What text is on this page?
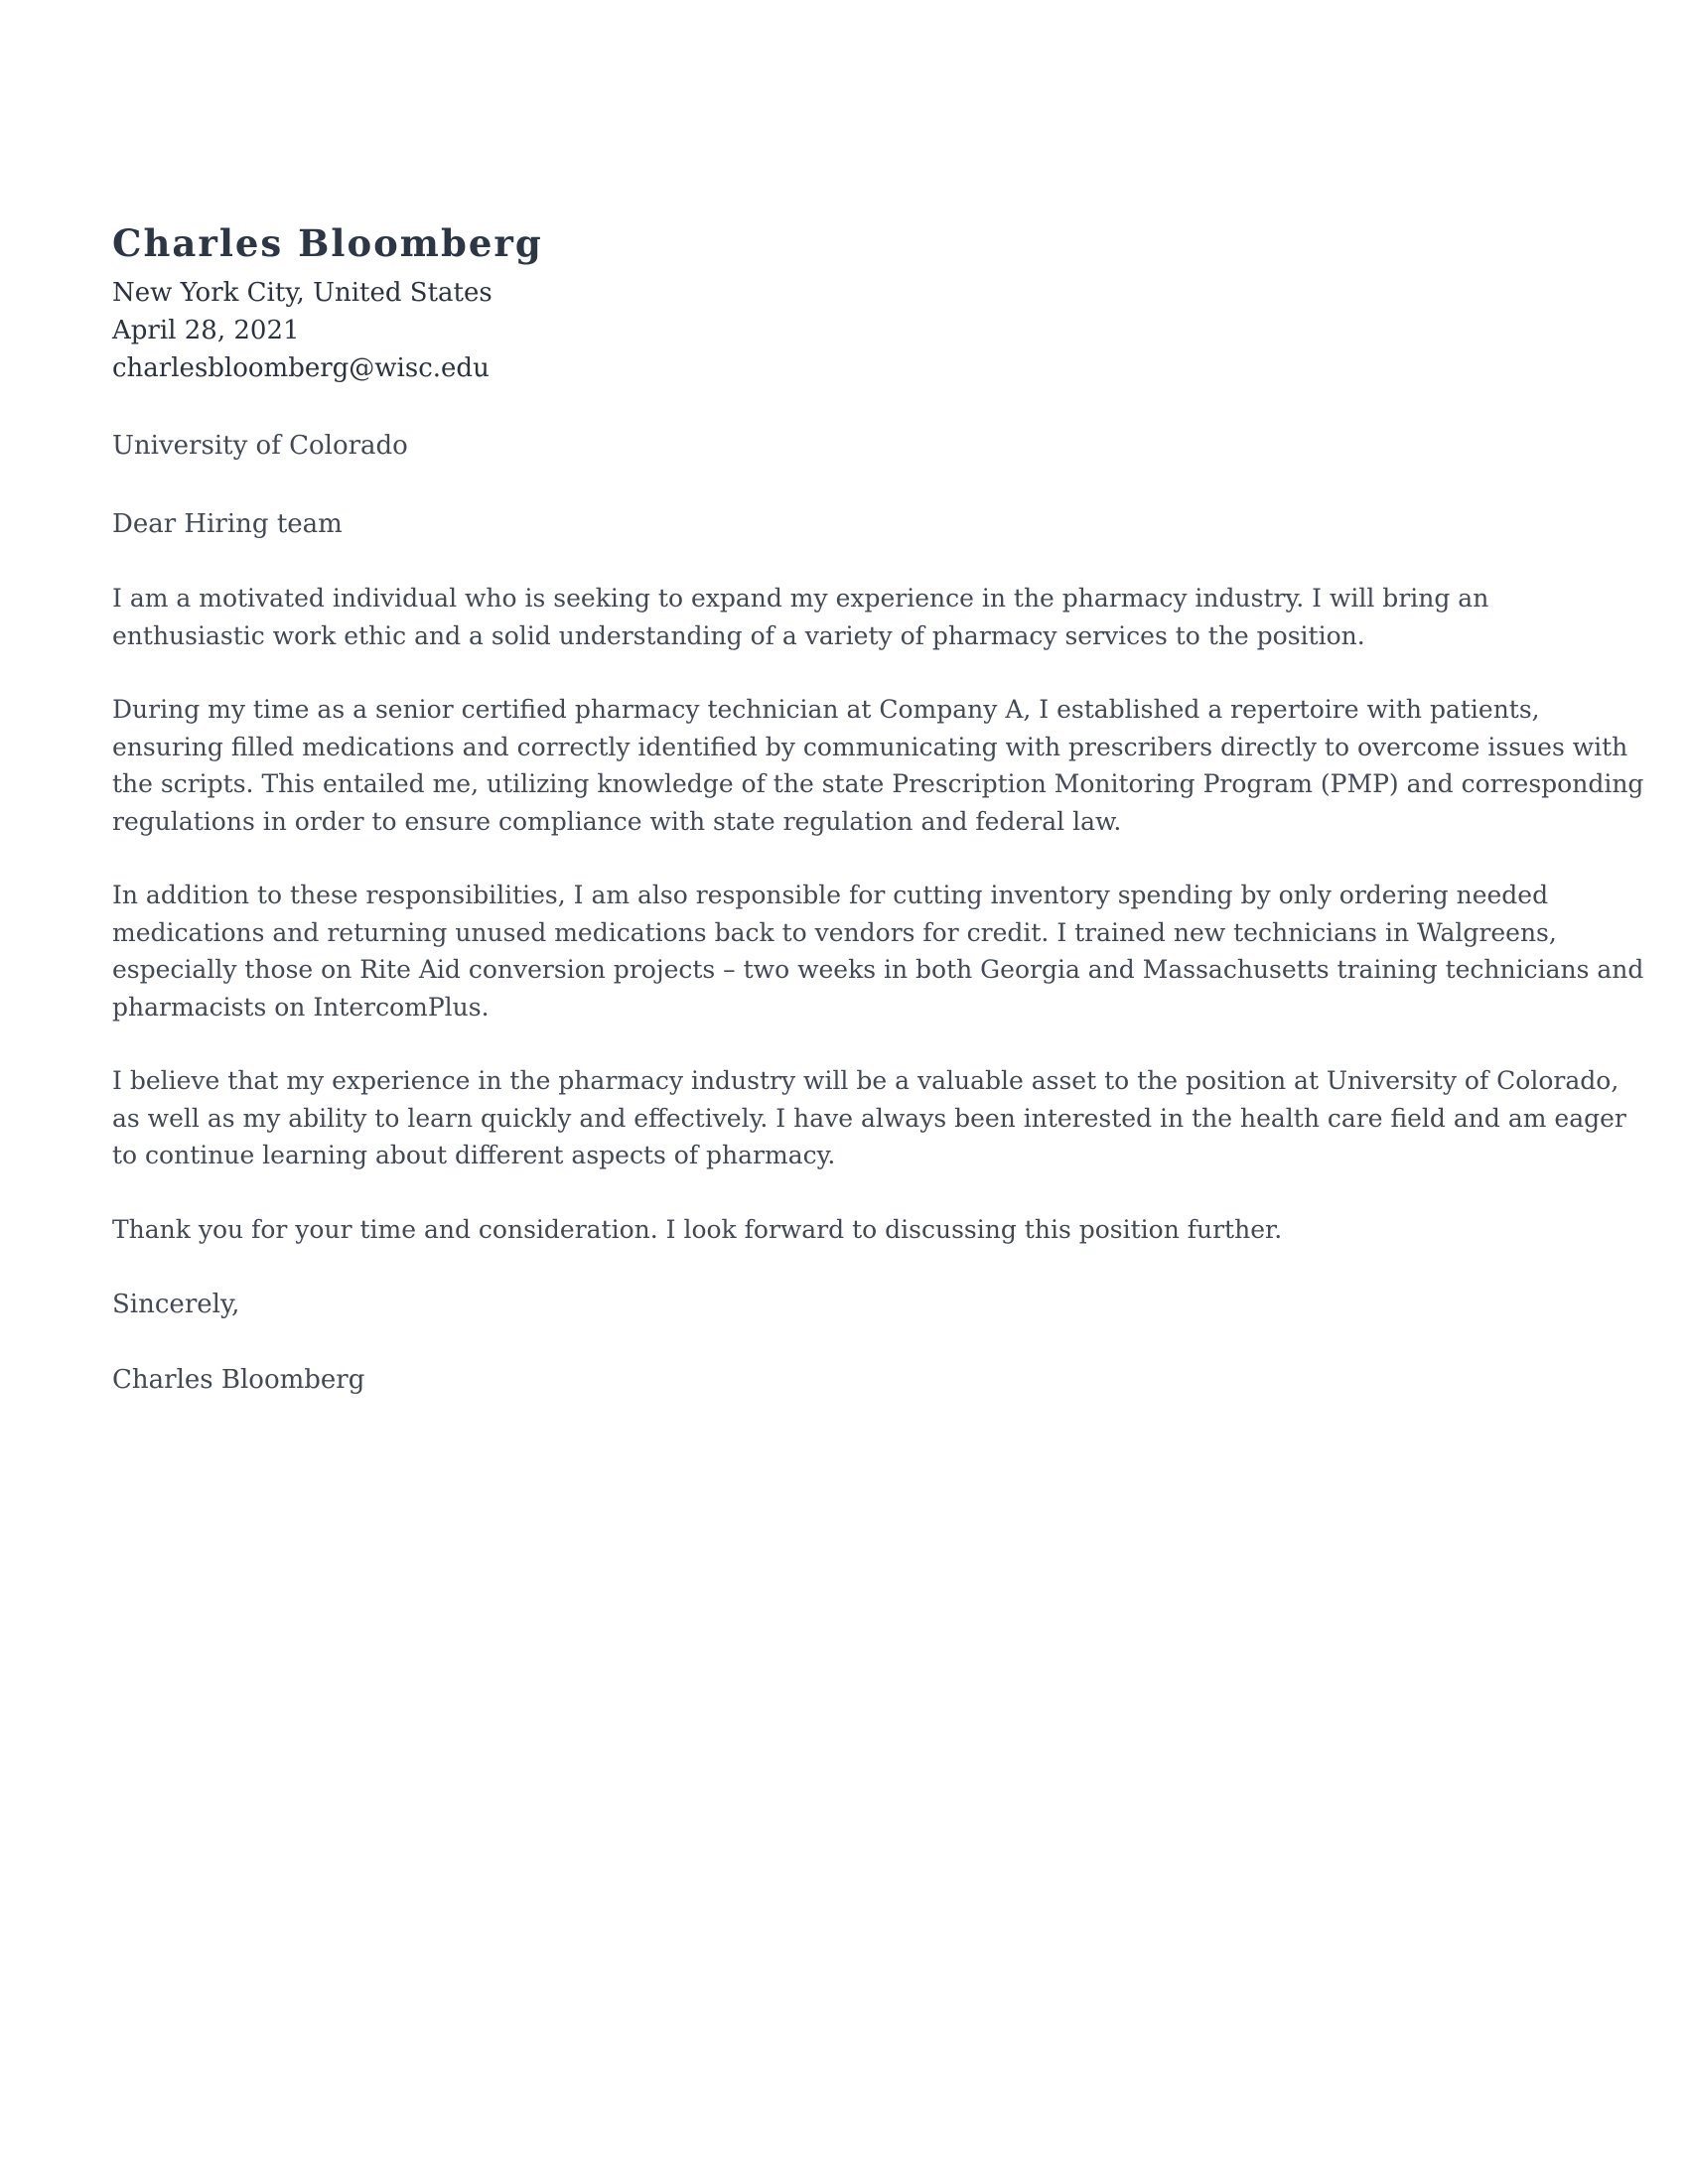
Charles Bloomberg
New York City, United States
April 28, 2021
charlesbloomberg@wisc.edu
University of Colorado
Dear Hiring team
I am a motivated individual who is seeking to expand my experience in the pharmacy industry. I will bring an
enthusiastic work ethic and a solid understanding of a variety of pharmacy services to the position.
During my time as a senior certified pharmacy technician at Company A, I established a repertoire with patients,
ensuring filled medications and correctly identified by communicating with prescribers directly to overcome issues with
the scripts. This entailed me, utilizing knowledge of the state Prescription Monitoring Program (PMP) and corresponding
regulations in order to ensure compliance with state regulation and federal law.
In addition to these responsibilities, I am also responsible for cutting inventory spending by only ordering needed
medications and returning unused medications back to vendors for credit. I trained new technicians in Walgreens,
especially those on Rite Aid conversion projects – two weeks in both Georgia and Massachusetts training technicians and
pharmacists on IntercomPlus.
I believe that my experience in the pharmacy industry will be a valuable asset to the position at University of Colorado,
as well as my ability to learn quickly and effectively. I have always been interested in the health care field and am eager
to continue learning about different aspects of pharmacy.
Thank you for your time and consideration. I look forward to discussing this position further.
Sincerely,
Charles Bloomberg
